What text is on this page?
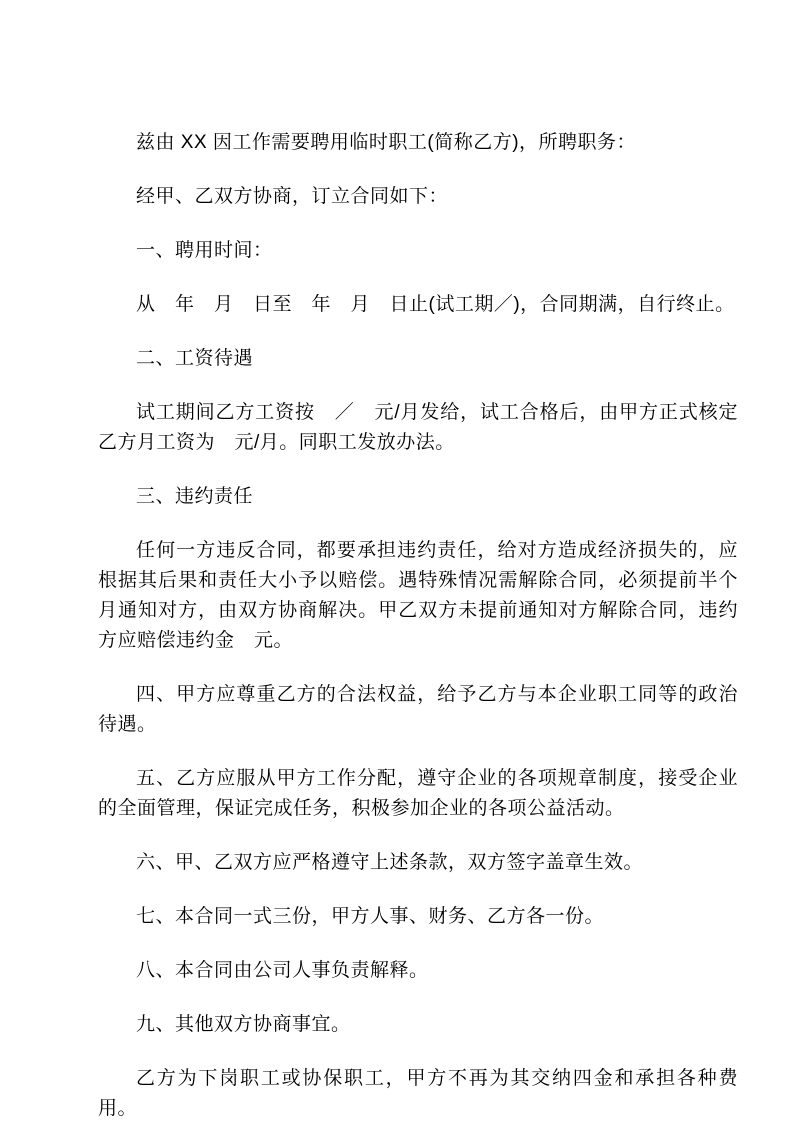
兹由 XX 因工作需要聘用临时职工(简称乙方)，所聘职务：

经甲、乙双方协商，订立合同如下：

一、聘用时间：

从　年　月　日至　年　月　日止(试工期／)，合同期满，自行终止。

二、工资待遇

试工期间乙方工资按　／　元/月发给，试工合格后，由甲方正式核定乙方月工资为　元/月。同职工发放办法。

三、违约责任

任何一方违反合同，都要承担违约责任，给对方造成经济损失的，应根据其后果和责任大小予以赔偿。遇特殊情况需解除合同，必须提前半个月通知对方，由双方协商解决。甲乙双方未提前通知对方解除合同，违约方应赔偿违约金　元。

四、甲方应尊重乙方的合法权益，给予乙方与本企业职工同等的政治待遇。

五、乙方应服从甲方工作分配，遵守企业的各项规章制度，接受企业的全面管理，保证完成任务，积极参加企业的各项公益活动。

六、甲、乙双方应严格遵守上述条款，双方签字盖章生效。

七、本合同一式三份，甲方人事、财务、乙方各一份。

八、本合同由公司人事负责解释。

九、其他双方协商事宜。

乙方为下岗职工或协保职工，甲方不再为其交纳四金和承担各种费用。
